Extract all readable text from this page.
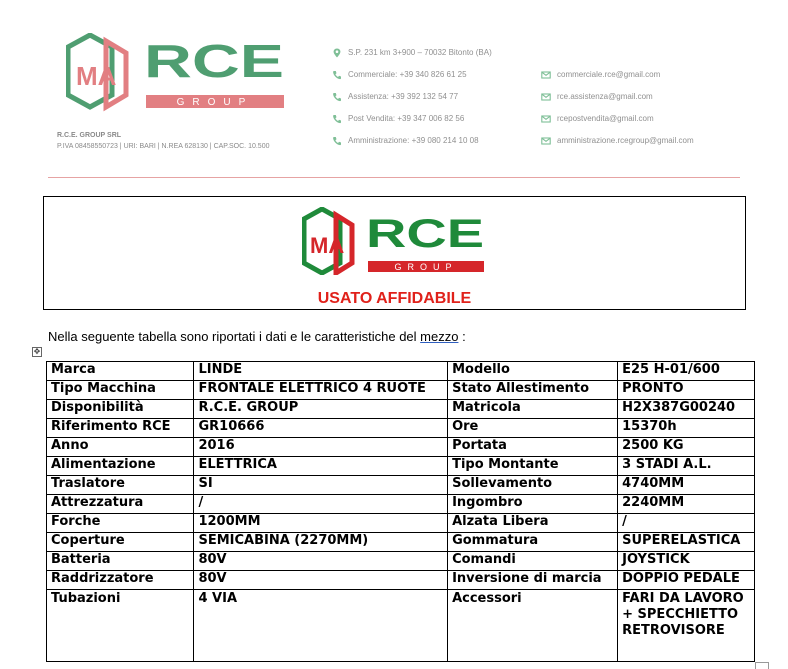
MA RCE
GROUP
R.C.E. GROUP SRL
P.IVA 08458550723 | URI: BARI | N.REA 628130 | CAP.SOC. 10.500
S.P. 231 km 3+900 – 70032 Bitonto (BA)
Commerciale: +39 340 826 61 25
Assistenza: +39 392 132 54 77
Post Vendita: +39 347 006 82 56
Amministrazione: +39 080 214 10 08
commerciale.rce@gmail.com
rce.assistenza@gmail.com
rcepostvendita@gmail.com
amministrazione.rcegroup@gmail.com
MA RCE
GROUP
USATO AFFIDABILE
Nella seguente tabella sono riportati i dati e le caratteristiche del mezzo :
✥
Marca	LINDE	Modello	E25 H-01/600
Tipo Macchina	FRONTALE ELETTRICO 4 RUOTE	Stato Allestimento	PRONTO
Disponibilità	R.C.E. GROUP	Matricola	H2X387G00240
Riferimento RCE	GR10666	Ore	15370h
Anno	2016	Portata	2500 KG
Alimentazione	ELETTRICA	Tipo Montante	3 STADI A.L.
Traslatore	SI	Sollevamento	4740MM
Attrezzatura	/	Ingombro	2240MM
Forche	1200MM	Alzata Libera	/
Coperture	SEMICABINA (2270MM)	Gommatura	SUPERELASTICA
Batteria	80V	Comandi	JOYSTICK
Raddrizzatore	80V	Inversione di marcia	DOPPIO PEDALE
Tubazioni	4 VIA	Accessori	FARI DA LAVORO + SPECCHIETTO RETROVISORE
